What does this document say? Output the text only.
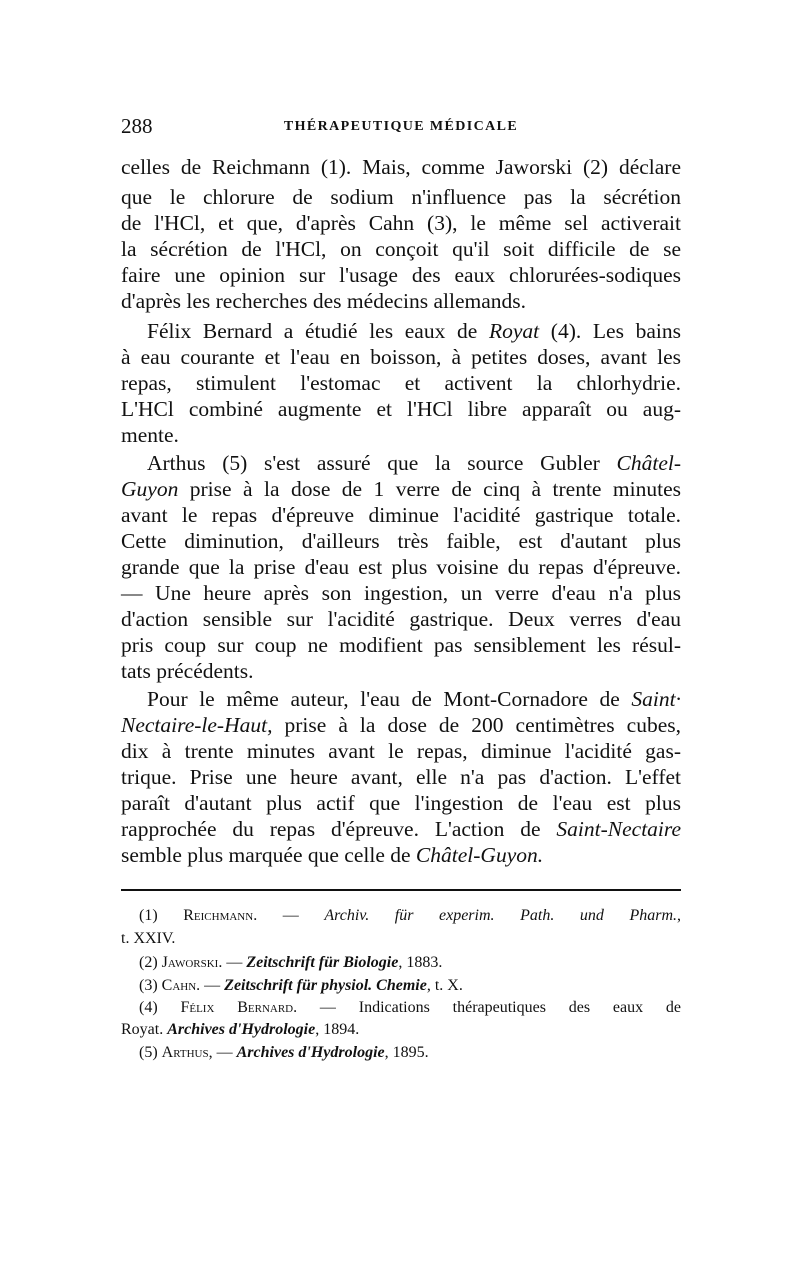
288	THÉRAPEUTIQUE MÉDICALE
celles de Reichmann (1). Mais, comme Jaworski (2) déclare
que le chlorure de sodium n'influence pas la sécrétion
de l'HCl, et que, d'après Cahn (3), le même sel activerait
la sécrétion de l'HCl, on conçoit qu'il soit difficile de se
faire une opinion sur l'usage des eaux chlorurées-sodiques
d'après les recherches des médecins allemands.
Félix Bernard a étudié les eaux de Royat (4). Les bains
à eau courante et l'eau en boisson, à petites doses, avant les
repas, stimulent l'estomac et activent la chlorhydrie.
L'HCl combiné augmente et l'HCl libre apparaît ou aug-
mente.
Arthus (5) s'est assuré que la source Gubler Châtel-
Guyon prise à la dose de 1 verre de cinq à trente minutes
avant le repas d'épreuve diminue l'acidité gastrique totale.
Cette diminution, d'ailleurs très faible, est d'autant plus
grande que la prise d'eau est plus voisine du repas d'épreuve.
— Une heure après son ingestion, un verre d'eau n'a plus
d'action sensible sur l'acidité gastrique. Deux verres d'eau
pris coup sur coup ne modifient pas sensiblement les résul-
tats précédents.
Pour le même auteur, l'eau de Mont-Cornadore de Saint·
Nectaire-le-Haut, prise à la dose de 200 centimètres cubes,
dix à trente minutes avant le repas, diminue l'acidité gas-
trique. Prise une heure avant, elle n'a pas d'action. L'effet
paraît d'autant plus actif que l'ingestion de l'eau est plus
rapprochée du repas d'épreuve. L'action de Saint-Nectaire
semble plus marquée que celle de Châtel-Guyon.
(1) Reichmann. — Archiv. für experim. Path. und Pharm.,
t. XXIV.
(2) Jaworski. — Zeitschrift für Biologie, 1883.
(3) Cahn. — Zeitschrift für physiol. Chemie, t. X.
(4) Félix Bernard. — Indications thérapeutiques des eaux de
Royat. Archives d'Hydrologie, 1894.
(5) Arthus, — Archives d'Hydrologie, 1895.
